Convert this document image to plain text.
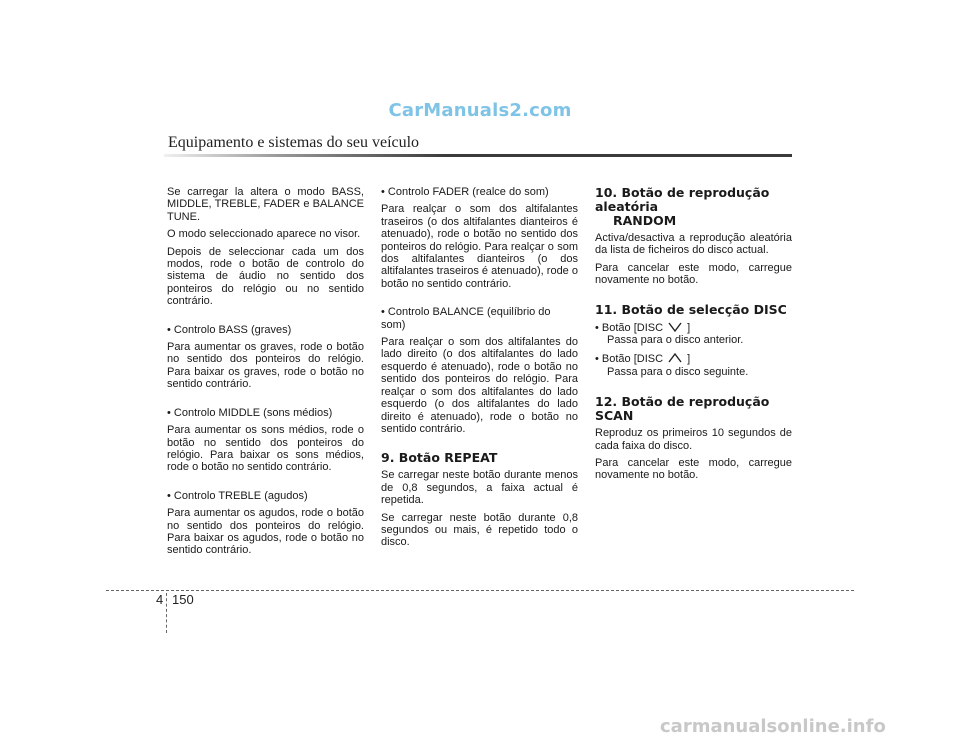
CarManuals2.com
Equipamento e sistemas do seu veículo

Se carregar la altera o modo BASS, MIDDLE, TREBLE, FADER e BALANCE TUNE.

O modo seleccionado aparece no visor.

Depois de seleccionar cada um dos modos, rode o botão de controlo do sistema de áudio no sentido dos ponteiros do relógio ou no sentido contrário.

• Controlo BASS (graves)

Para aumentar os graves, rode o botão no sentido dos ponteiros do relógio. Para baixar os graves, rode o botão no sentido contrário.

• Controlo MIDDLE (sons médios)

Para aumentar os sons médios, rode o botão no sentido dos ponteiros do relógio. Para baixar os sons médios, rode o botão no sentido contrário.

• Controlo TREBLE (agudos)

Para aumentar os agudos, rode o botão no sentido dos ponteiros do relógio. Para baixar os agudos, rode o botão no sentido contrário.

• Controlo FADER (realce do som)

Para realçar o som dos altifalantes traseiros (o dos altifalantes dianteiros é atenuado), rode o botão no sentido dos ponteiros do relógio. Para realçar o som dos altifalantes dianteiros (o dos altifalantes traseiros é atenuado), rode o botão no sentido contrário.

• Controlo BALANCE (equilíbrio do som)

Para realçar o som dos altifalantes do lado direito (o dos altifalantes do lado esquerdo é atenuado), rode o botão no sentido dos ponteiros do relógio. Para realçar o som dos altifalantes do lado esquerdo (o dos altifalantes do lado direito é atenuado), rode o botão no sentido contrário.

9. Botão REPEAT

Se carregar neste botão durante menos de 0,8 segundos, a faixa actual é repetida.

Se carregar neste botão durante 0,8 segundos ou mais, é repetido todo o disco.

10. Botão de reprodução aleatória
RANDOM

Activa/desactiva a reprodução aleatória da lista de ficheiros do disco actual.

Para cancelar este modo, carregue novamente no botão.

11. Botão de selecção DISC
• Botão [DISC ]
Passa para o disco anterior.
• Botão [DISC ]
Passa para o disco seguinte.
12. Botão de reprodução SCAN

Reproduz os primeiros 10 segundos de cada faixa do disco.

Para cancelar este modo, carregue novamente no botão.

4 150
carmanualsonline.info
